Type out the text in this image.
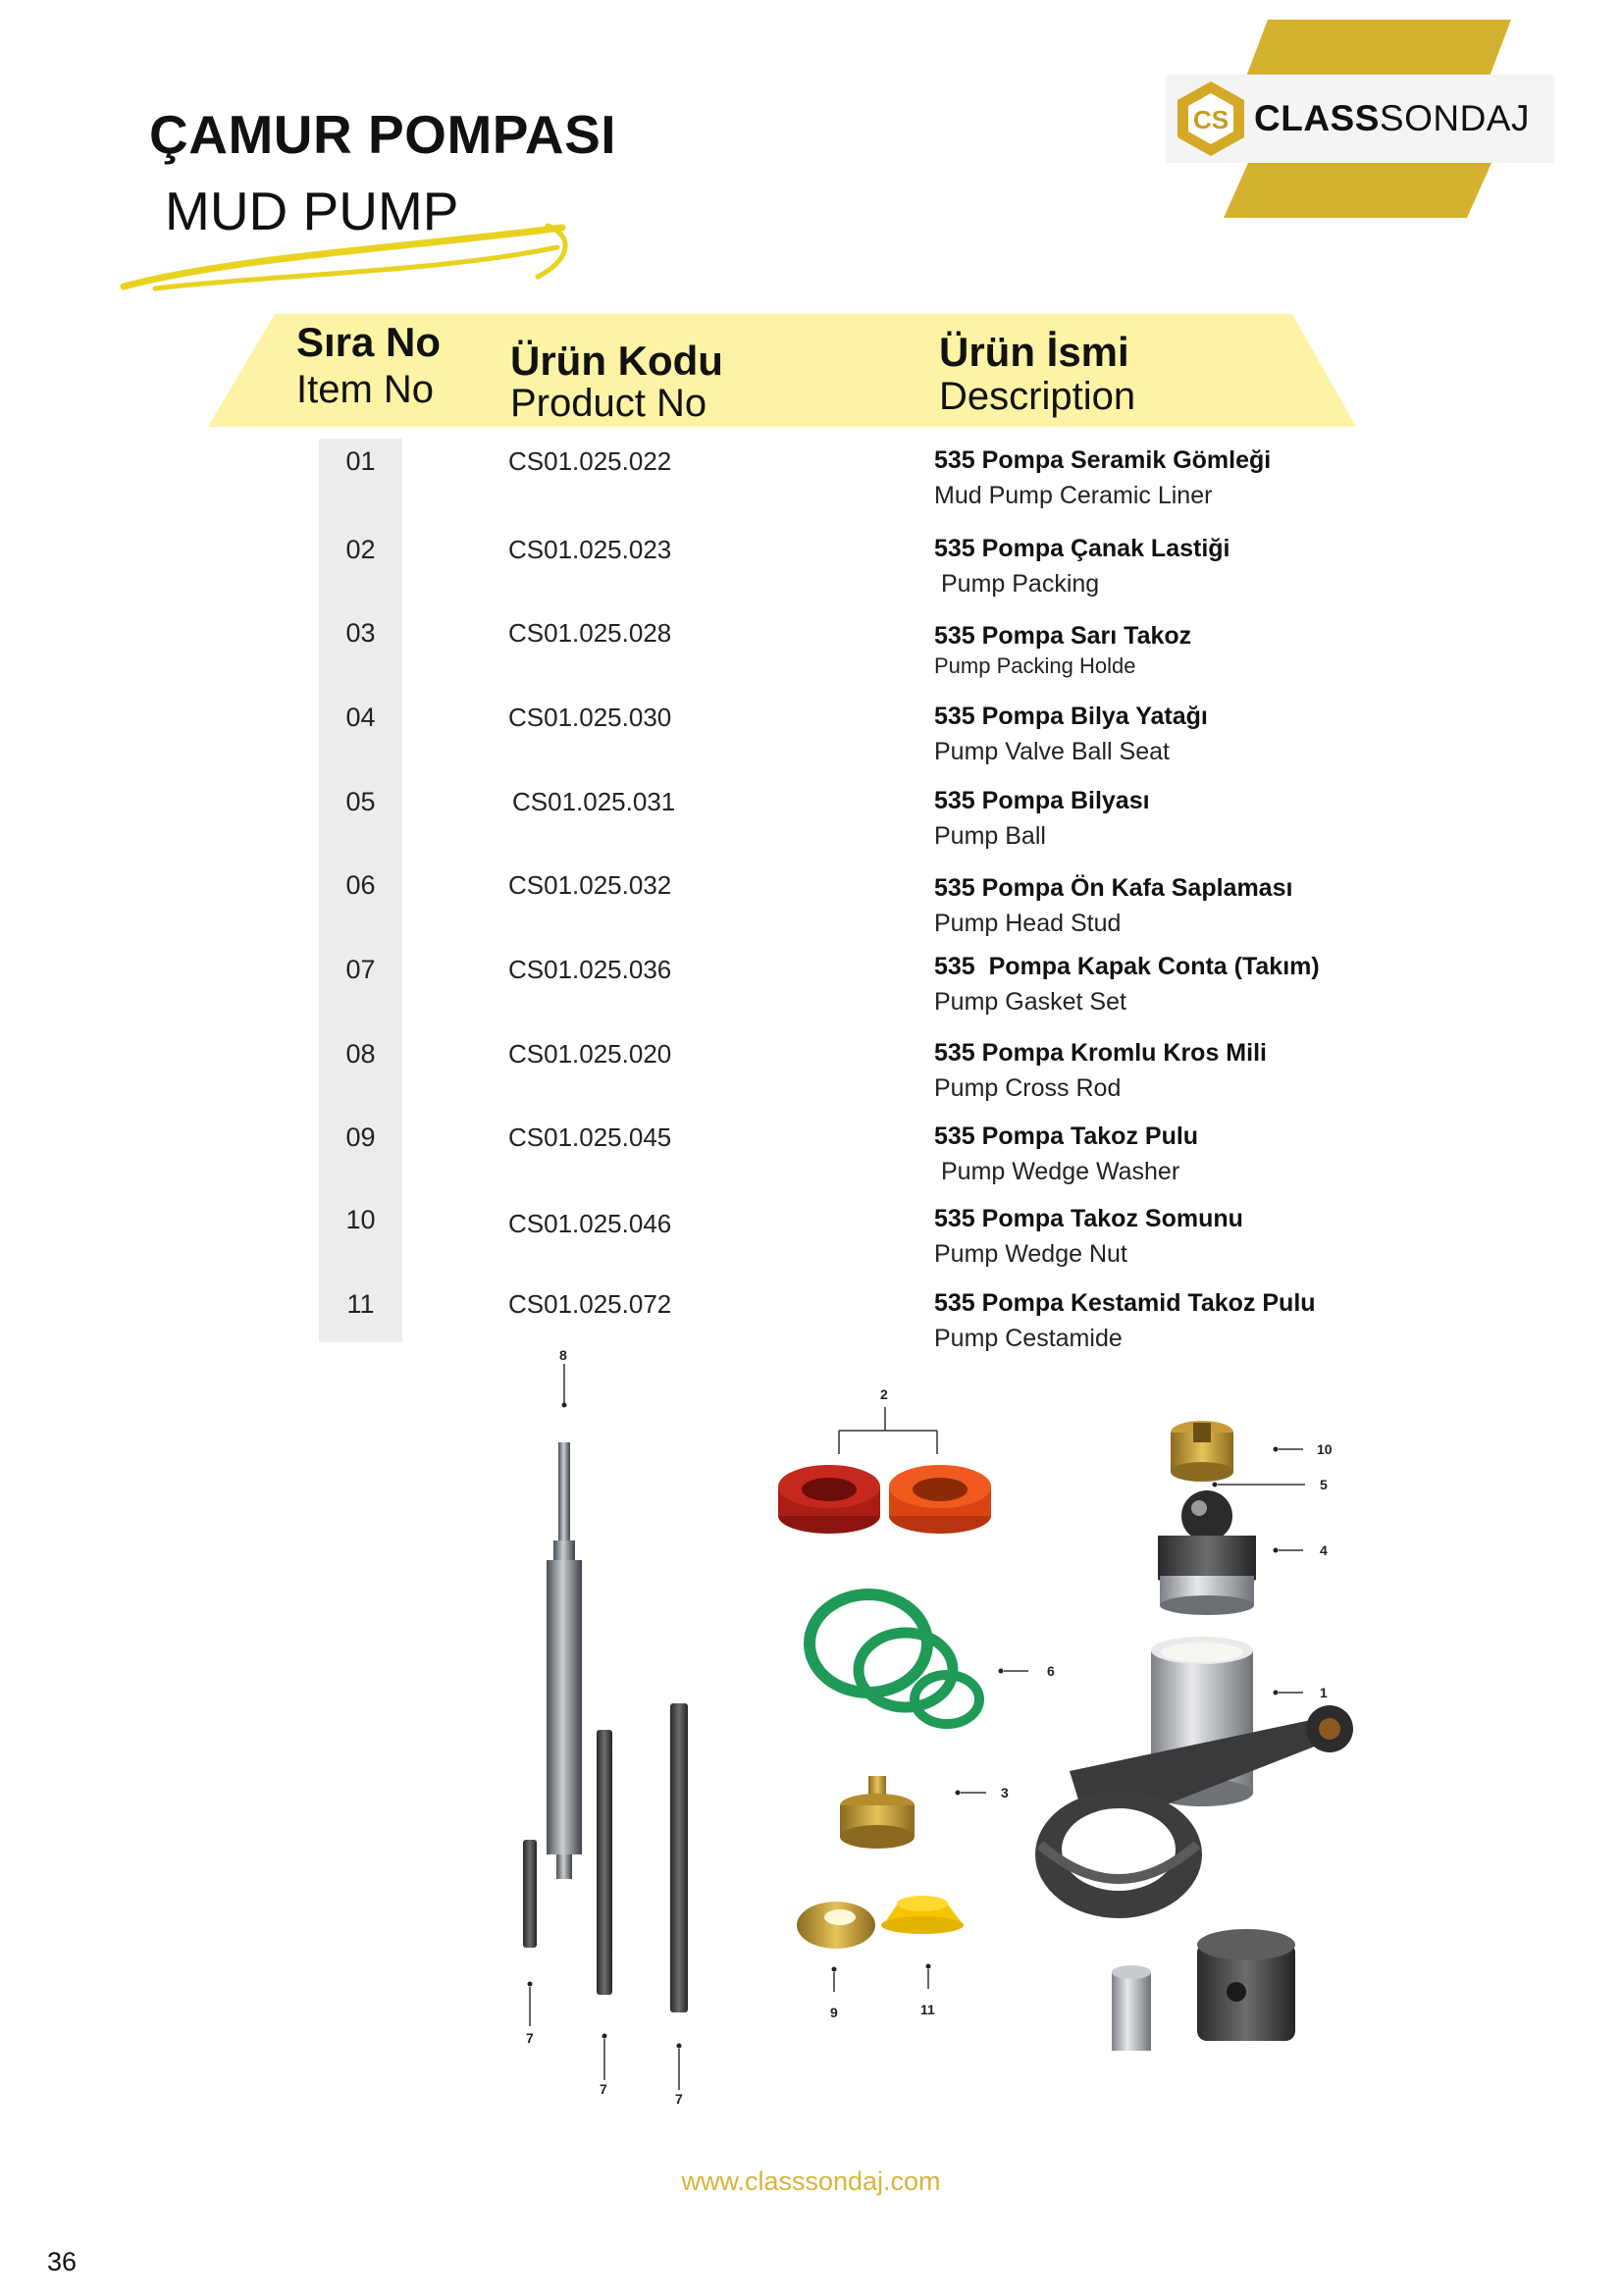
ÇAMUR POMPASI
MUD PUMP
CS CLASSSONDAJ
Sıra No
Item No
Ürün Kodu
Product No
Ürün İsmi
Description
01	CS01.025.022	535 Pompa Seramik Gömleği
Mud Pump Ceramic Liner
02	CS01.025.023	535 Pompa Çanak Lastiği
Pump Packing
03	CS01.025.028	535 Pompa Sarı Takoz
Pump Packing Holde
04	CS01.025.030	535 Pompa Bilya Yatağı
Pump Valve Ball Seat
05	CS01.025.031	535 Pompa Bilyası
Pump Ball
06	CS01.025.032	535 Pompa Ön Kafa Saplaması
Pump Head Stud
07	CS01.025.036	535  Pompa Kapak Conta (Takım)
Pump Gasket Set
08	CS01.025.020	535 Pompa Kromlu Kros Mili
Pump Cross Rod
09	CS01.025.045	535 Pompa Takoz Pulu
Pump Wedge Washer
10	CS01.025.046	535 Pompa Takoz Somunu
Pump Wedge Nut
11	CS01.025.072	535 Pompa Kestamid Takoz Pulu
Pump Cestamide
8
7
7
7
2
6
3
9	11
10
5
4
1
www.classsondaj.com
36
